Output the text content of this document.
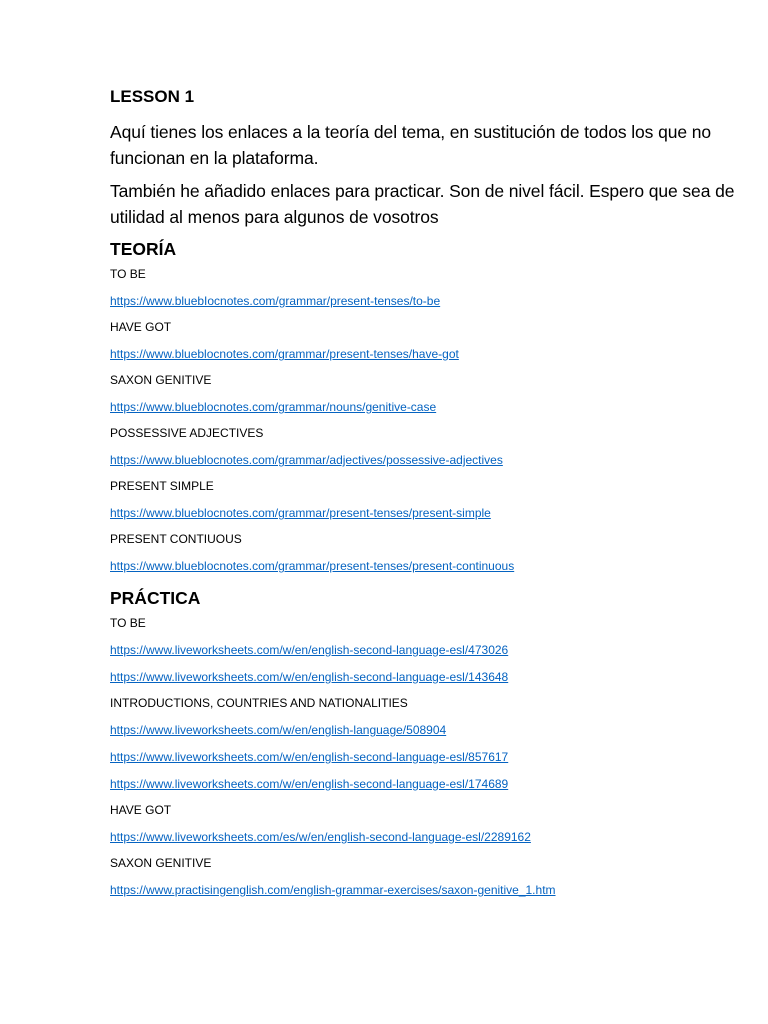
LESSON 1

Aquí tienes los enlaces a la teoría del tema, en sustitución de todos los que no funcionan en la plataforma.

También he añadido enlaces para practicar. Son de nivel fácil. Espero que sea de utilidad al menos para algunos de vosotros

TEORÍA
TO BE
https://www.bluebIocnotes.com/grammar/present-tenses/to-be
HAVE GOT
https://www.blueblocnotes.com/grammar/present-tenses/have-got
SAXON GENITIVE
https://www.blueblocnotes.com/grammar/nouns/genitive-case
POSSESSIVE ADJECTIVES
https://www.blueblocnotes.com/grammar/adjectives/possessive-adjectives
PRESENT SIMPLE
https://www.blueblocnotes.com/grammar/present-tenses/present-simple
PRESENT CONTIUOUS
https://www.blueblocnotes.com/grammar/present-tenses/present-continuous
PRÁCTICA
TO BE
https://www.liveworksheets.com/w/en/english-second-language-esl/473026
https://www.liveworksheets.com/w/en/english-second-language-esl/143648
INTRODUCTIONS, COUNTRIES AND NATIONALITIES
https://www.liveworksheets.com/w/en/english-language/508904
https://www.liveworksheets.com/w/en/english-second-language-esl/857617
https://www.liveworksheets.com/w/en/english-second-language-esl/174689
HAVE GOT
https://www.liveworksheets.com/es/w/en/english-second-language-esl/2289162
SAXON GENITIVE
https://www.practisingenglish.com/english-grammar-exercises/saxon-genitive_1.htm
